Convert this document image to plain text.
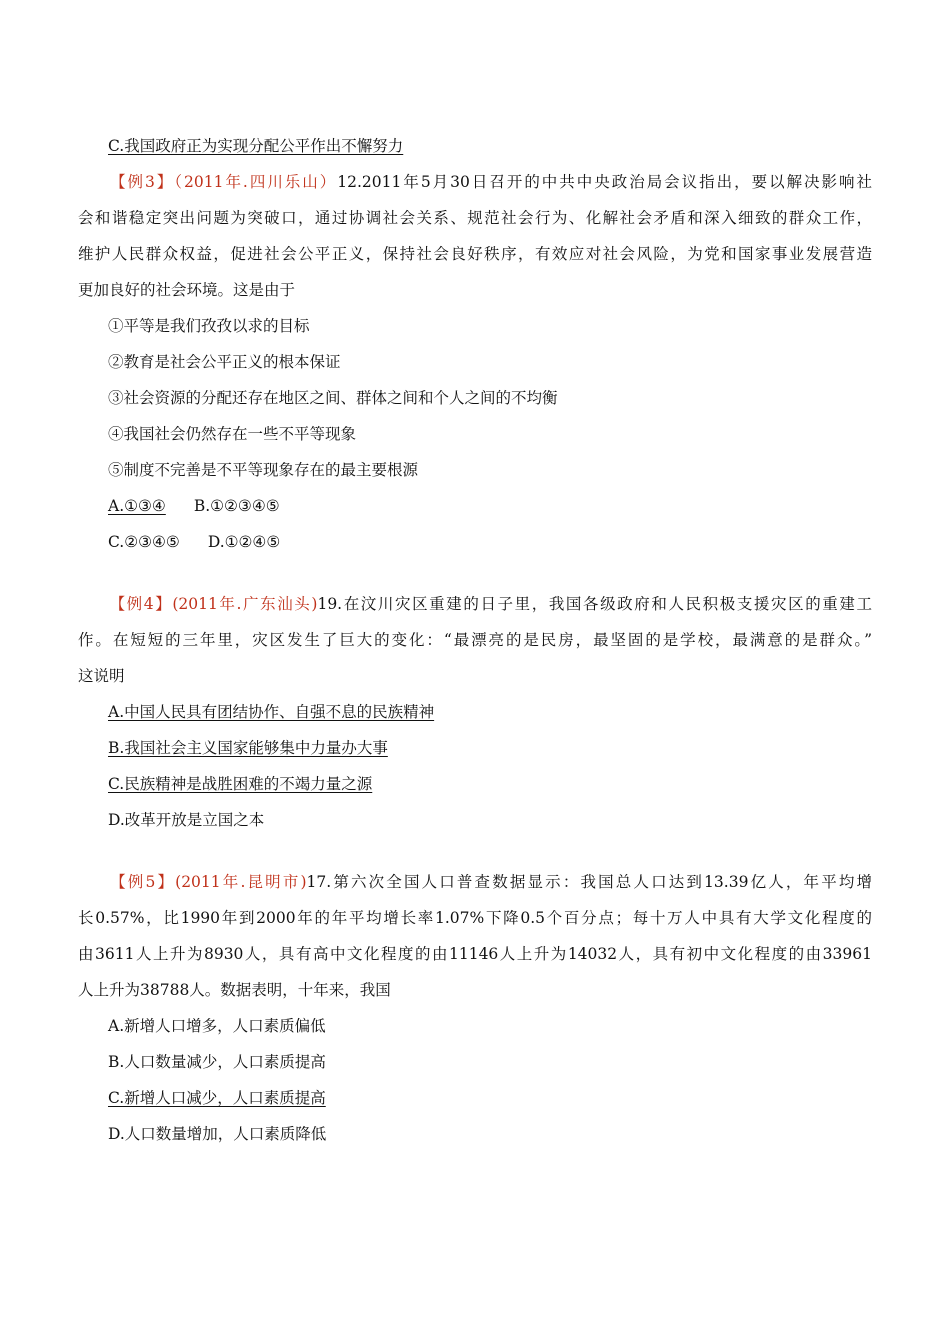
C.我国政府正为实现分配公平作出不懈努力
【例3】（2011年.四川乐山）12.2011年5月30日召开的中共中央政治局会议指出，要以解决影响社
会和谐稳定突出问题为突破口，通过协调社会关系、规范社会行为、化解社会矛盾和深入细致的群众工作，
维护人民群众权益，促进社会公平正义，保持社会良好秩序，有效应对社会风险，为党和国家事业发展营造
更加良好的社会环境。这是由于
①平等是我们孜孜以求的目标
②教育是社会公平正义的根本保证
③社会资源的分配还存在地区之间、群体之间和个人之间的不均衡
④我国社会仍然存在一些不平等现象
⑤制度不完善是不平等现象存在的最主要根源
A.①③④ B.①②③④⑤
C.②③④⑤ D.①②④⑤
【例4】(2011年.广东汕头)19.在汶川灾区重建的日子里，我国各级政府和人民积极支援灾区的重建工
作。在短短的三年里，灾区发生了巨大的变化：“最漂亮的是民房，最坚固的是学校，最满意的是群众。”
这说明
A.中国人民具有团结协作、自强不息的民族精神
B.我国社会主义国家能够集中力量办大事
C.民族精神是战胜困难的不竭力量之源
D.改革开放是立国之本
【例5】(2011年.昆明市)17.第六次全国人口普查数据显示：我国总人口达到13.39亿人，年平均增
长0.57%，比1990年到2000年的年平均增长率1.07%下降0.5个百分点；每十万人中具有大学文化程度的
由3611人上升为8930人，具有高中文化程度的由11146人上升为14032人，具有初中文化程度的由33961
人上升为38788人。数据表明，十年来，我国
A.新增人口增多，人口素质偏低
B.人口数量减少，人口素质提高
C.新增人口减少，人口素质提高
D.人口数量增加，人口素质降低
